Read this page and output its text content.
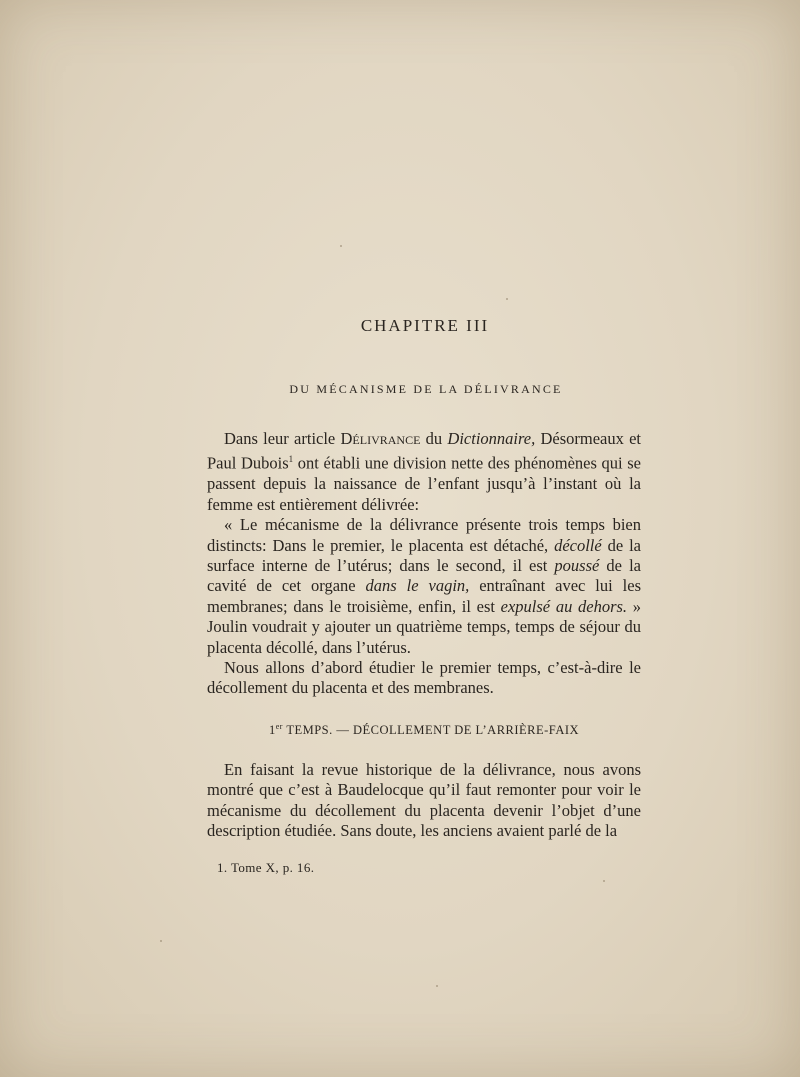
CHAPITRE III
DU MÉCANISME DE LA DÉLIVRANCE

Dans leur article Délivrance du Dictionnaire, Désormeaux et Paul Dubois$^1$ ont établi une division nette des phénomènes qui se passent depuis la naissance de l’enfant jusqu’à l’instant où la femme est entièrement délivrée:

« Le mécanisme de la délivrance présente trois temps bien distincts: Dans le premier, le placenta est détaché, décollé de la surface interne de l’utérus; dans le second, il est poussé de la cavité de cet organe dans le vagin, entraînant avec lui les membranes; dans le troisième, enfin, il est expulsé au dehors. » Joulin voudrait y ajouter un quatrième temps, temps de séjour du placenta décollé, dans l’utérus.

Nous allons d’abord étudier le premier temps, c’est-à-dire le décollement du placenta et des membranes.

1er TEMPS. — DÉCOLLEMENT DE L’ARRIÈRE-FAIX

En faisant la revue historique de la délivrance, nous avons montré que c’est à Baudelocque qu’il faut remonter pour voir le mécanisme du décollement du placenta devenir l’objet d’une description étudiée. Sans doute, les anciens avaient parlé de la

1. Tome X, p. 16.
